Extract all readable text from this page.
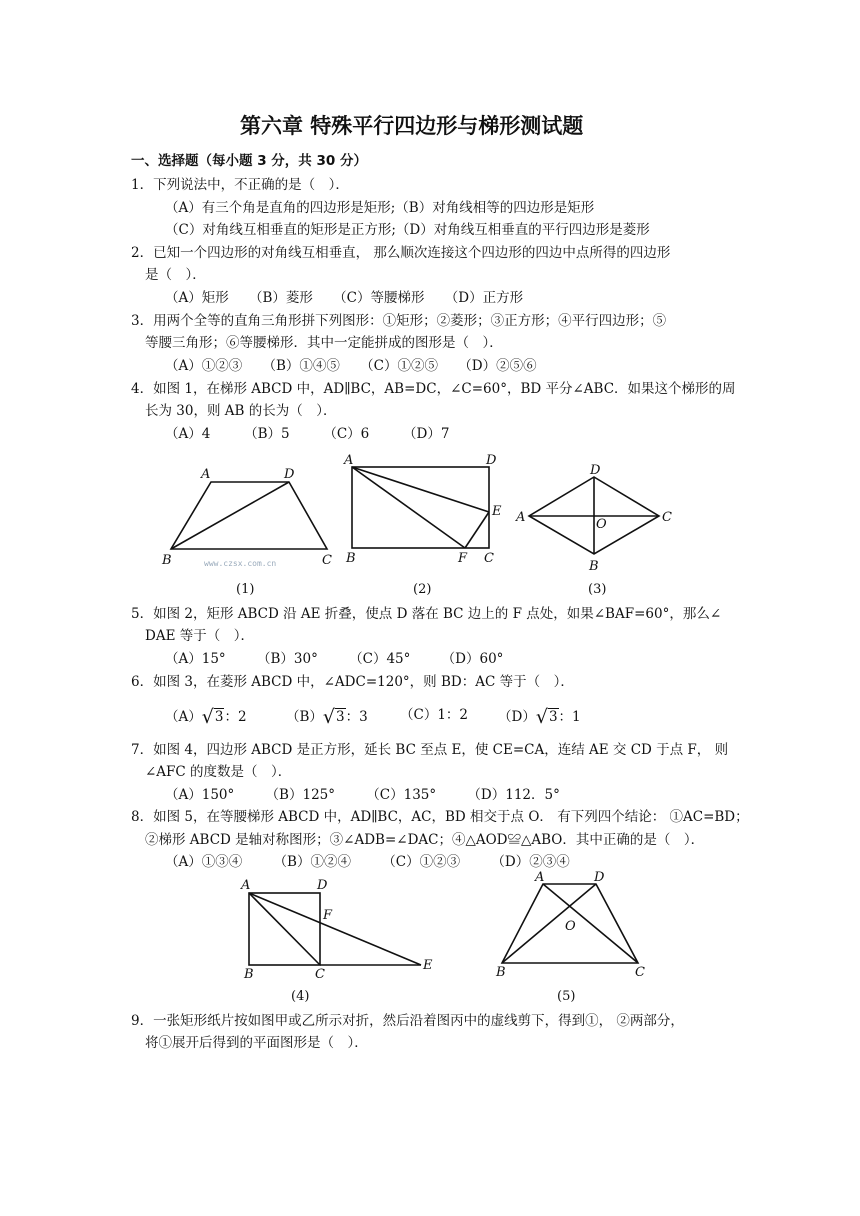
第六章 特殊平行四边形与梯形测试题
一、选择题（每小题 3 分，共 30 分）
1．下列说法中，不正确的是（　）．
（A）有三个角是直角的四边形是矩形;（B）对角线相等的四边形是矩形
（C）对角线互相垂直的矩形是正方形;（D）对角线互相垂直的平行四边形是菱形
2．已知一个四边形的对角线互相垂直， 那么顺次连接这个四边形的四边中点所得的四边形
是（　）．
（A）矩形　　（B）菱形　　（C）等腰梯形　　（D）正方形
3．用两个全等的直角三角形拼下列图形：①矩形；②菱形；③正方形；④平行四边形；⑤
等腰三角形；⑥等腰梯形．其中一定能拼成的图形是（　）．
（A）①②③　　（B）①④⑤　　（C）①②⑤　　（D）②⑤⑥
4．如图 1，在梯形 ABCD 中，AD∥BC，AB=DC，∠C=60°，BD 平分∠ABC．如果这个梯形的周
长为 30，则 AB 的长为（　）．
（A）4　　　（B）5　　　（C）6　　　（D）7
A	D
B	C
www.czsx.com.cn
A	D
E
B	F C
D
A	C
O
B
(1)	(2)	(3)
5．如图 2，矩形 ABCD 沿 AE 折叠，使点 D 落在 BC 边上的 F 点处，如果∠BAF=60°，那么∠
DAE 等于（　）．
（A）15°　　 （B）30°　　 （C）45°　　 （D）60°
6．如图 3，在菱形 ABCD 中，∠ADC=120°，则 BD：AC 等于（　）．
（A）√3：2	（B）√3：3 （C）1：2 （D）√3：1
7．如图 4，四边形 ABCD 是正方形，延长 BC 至点 E，使 CE=CA，连结 AE 交 CD 于点 F， 则
∠AFC 的度数是（　）．
（A）150°　　 （B）125°　　 （C）135°　　 （D）112．5°
8．如图 5，在等腰梯形 ABCD 中，AD∥BC，AC，BD 相交于点 O． 有下列四个结论： ①AC=BD；
②梯形 ABCD 是轴对称图形；③∠ADB=∠DAC；④△AOD≌△ABO．其中正确的是（　）．
（A）①③④　　 （B）①②④　　 （C）①②③　　 （D）②③④
A	D
F
B	C
E
A	D
O
B	C
(4)	(5)
9．一张矩形纸片按如图甲或乙所示对折，然后沿着图丙中的虚线剪下，得到①， ②两部分，
将①展开后得到的平面图形是（　）．
